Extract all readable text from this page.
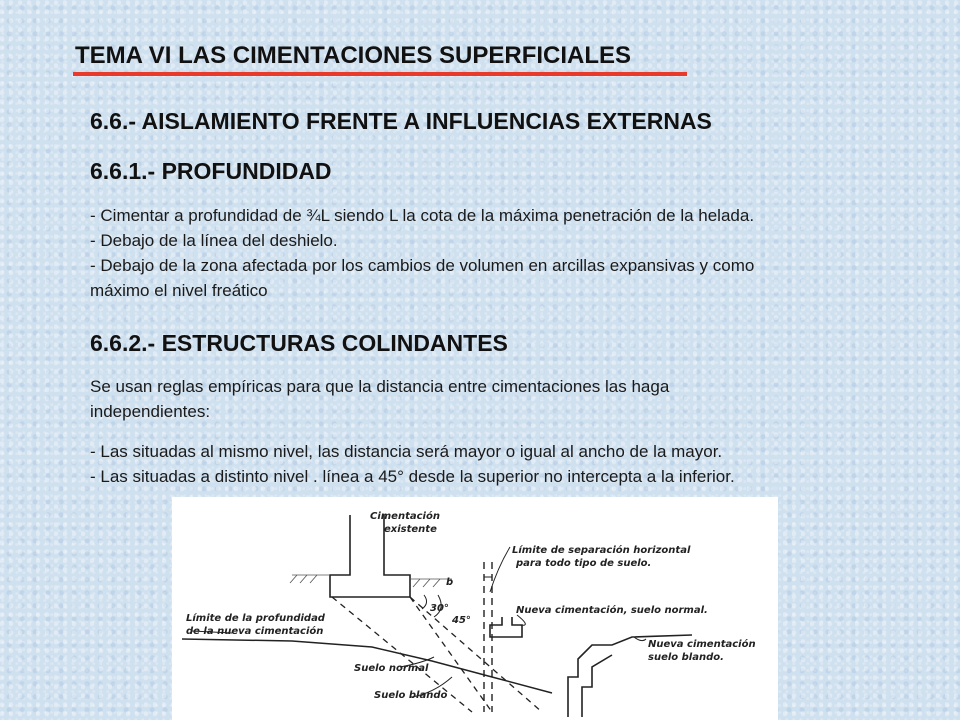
TEMA VI LAS CIMENTACIONES SUPERFICIALES
6.6.- AISLAMIENTO FRENTE A INFLUENCIAS EXTERNAS
6.6.1.- PROFUNDIDAD
- Cimentar a profundidad de ¾L siendo L la cota de la máxima penetración de la helada.
- Debajo de la línea del deshielo.
- Debajo de la zona afectada por los cambios de volumen en arcillas expansivas y como
máximo el nivel freático
6.6.2.- ESTRUCTURAS COLINDANTES
Se usan reglas empíricas para que la distancia entre cimentaciones las haga
independientes:
- Las situadas al mismo nivel, las distancia será mayor o igual al ancho de la mayor.
- Las situadas a distinto nivel . línea a 45° desde la superior no intercepta a la inferior.
Cimentación
existente
Límite de separación horizontal
para todo tipo de suelo.
b
30°
45°
Nueva cimentación, suelo normal.
Límite de la profundidad
de la nueva cimentación
Nueva cimentación
suelo blando.
Suelo normal
Suelo blando
